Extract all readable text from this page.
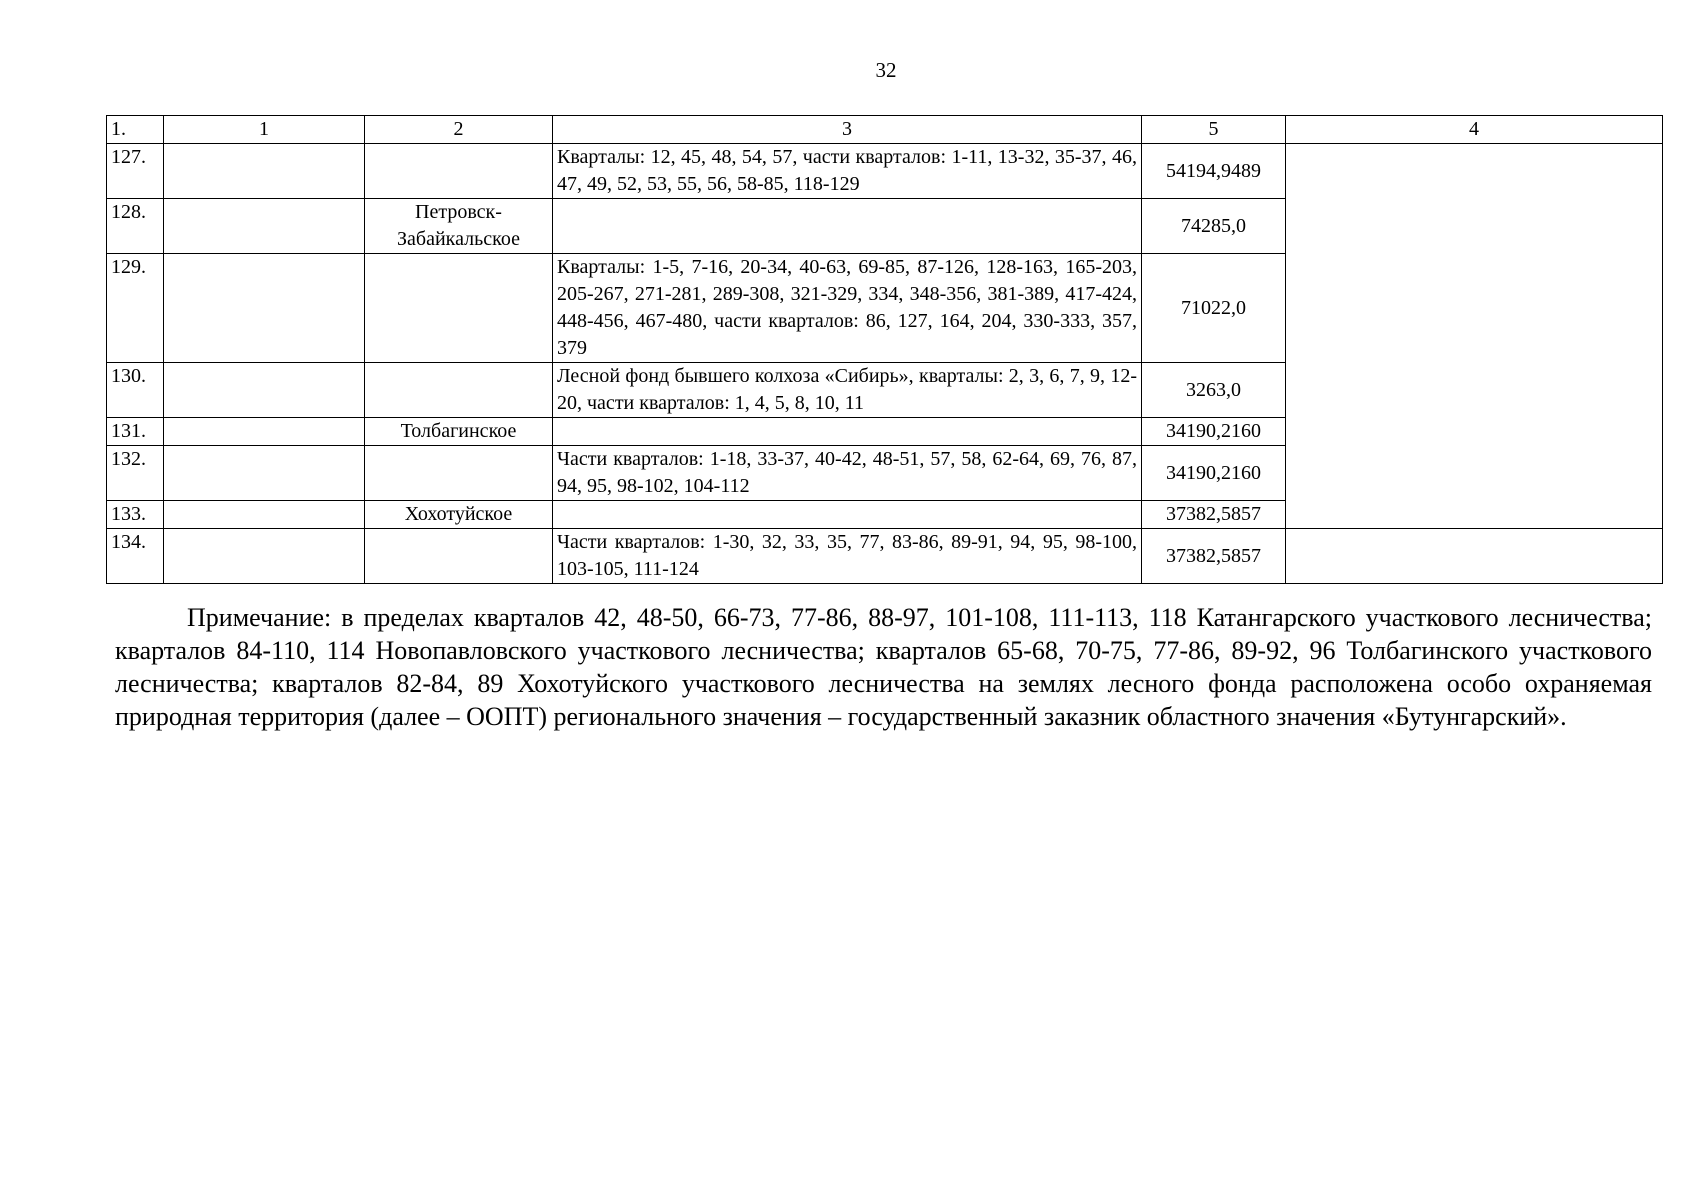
32
1.	1	2	3	5	4
127.			Кварталы: 12, 45, 48, 54, 57, части кварталов: 1-11, 13-32, 35-37, 46, 47, 49, 52, 53, 55, 56, 58-85, 118-129	54194,9489	
128.		Петровск-Забайкальское		74285,0	
129.			Кварталы: 1-5, 7-16, 20-34, 40-63, 69-85, 87-126, 128-163, 165-203, 205-267, 271-281, 289-308, 321-329, 334, 348-356, 381-389, 417-424, 448-456, 467-480, части кварталов: 86, 127, 164, 204, 330-333, 357, 379	71022,0	
130.			Лесной фонд бывшего колхоза «Сибирь», кварталы: 2, 3, 6, 7, 9, 12-20, части кварталов: 1, 4, 5, 8, 10, 11	3263,0	
131.		Толбагинское		34190,2160	
132.			Части кварталов: 1-18, 33-37, 40-42, 48-51, 57, 58, 62-64, 69, 76, 87, 94, 95, 98-102, 104-112	34190,2160	
133.		Хохотуйское		37382,5857	
134.			Части кварталов: 1-30, 32, 33, 35, 77, 83-86, 89-91, 94, 95, 98-100, 103-105, 111-124	37382,5857	

Примечание: в пределах кварталов 42, 48-50, 66-73, 77-86, 88-97, 101-108, 111-113, 118 Катангарского участкового лесничества; кварталов 84-110, 114 Новопавловского участкового лесничества; кварталов 65-68, 70-75, 77-86, 89-92, 96 Толбагинского участкового лесничества; кварталов 82-84, 89 Хохотуйского участкового лесничества на землях лесного фонда расположена особо охраняемая природная территория (далее – ООПТ) регионального значения – государственный заказник областного значения «Бутунгарский».
